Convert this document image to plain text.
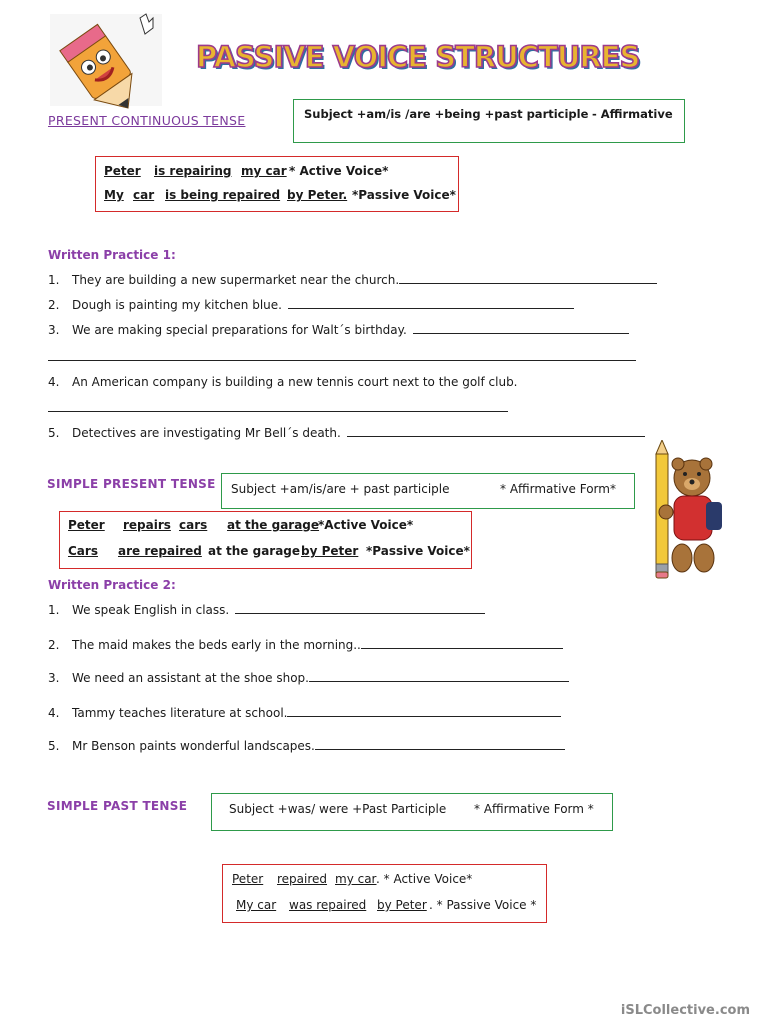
PASSIVE VOICE STRUCTURES
PRESENT CONTINUOUS TENSE	Subject +am/is /are +being +past participle - Affirmative
Peter is repairing my car * Active Voice*
My car is being repaired by Peter. *Passive Voice*
Written Practice 1:
1. They are building a new supermarket near the church.
2. Dough is painting my kitchen blue.
3. We are making special preparations for Walt´s birthday.
4. An American company is building a new tennis court next to the golf club.
5. Detectives are investigating Mr Bell´s death.
SIMPLE PRESENT TENSE Subject +am/is/are + past participle	* Affirmative Form*
Peter repairs cars at the garage
*Active Voice*
Cars are repaired at the garage by Peter *Passive Voice*
Written Practice 2:
1. We speak English in class.
2. The maid makes the beds early in the morning..
3. We need an assistant at the shoe shop.
4. Tammy teaches literature at school.
5. Mr Benson paints wonderful landscapes.
SIMPLE PAST TENSE	Subject +was/ were +Past Participle * Affirmative Form *
Peter repaired my car . * Active Voice*
My car was repaired by Peter . * Passive Voice *
iSLCollective.com
